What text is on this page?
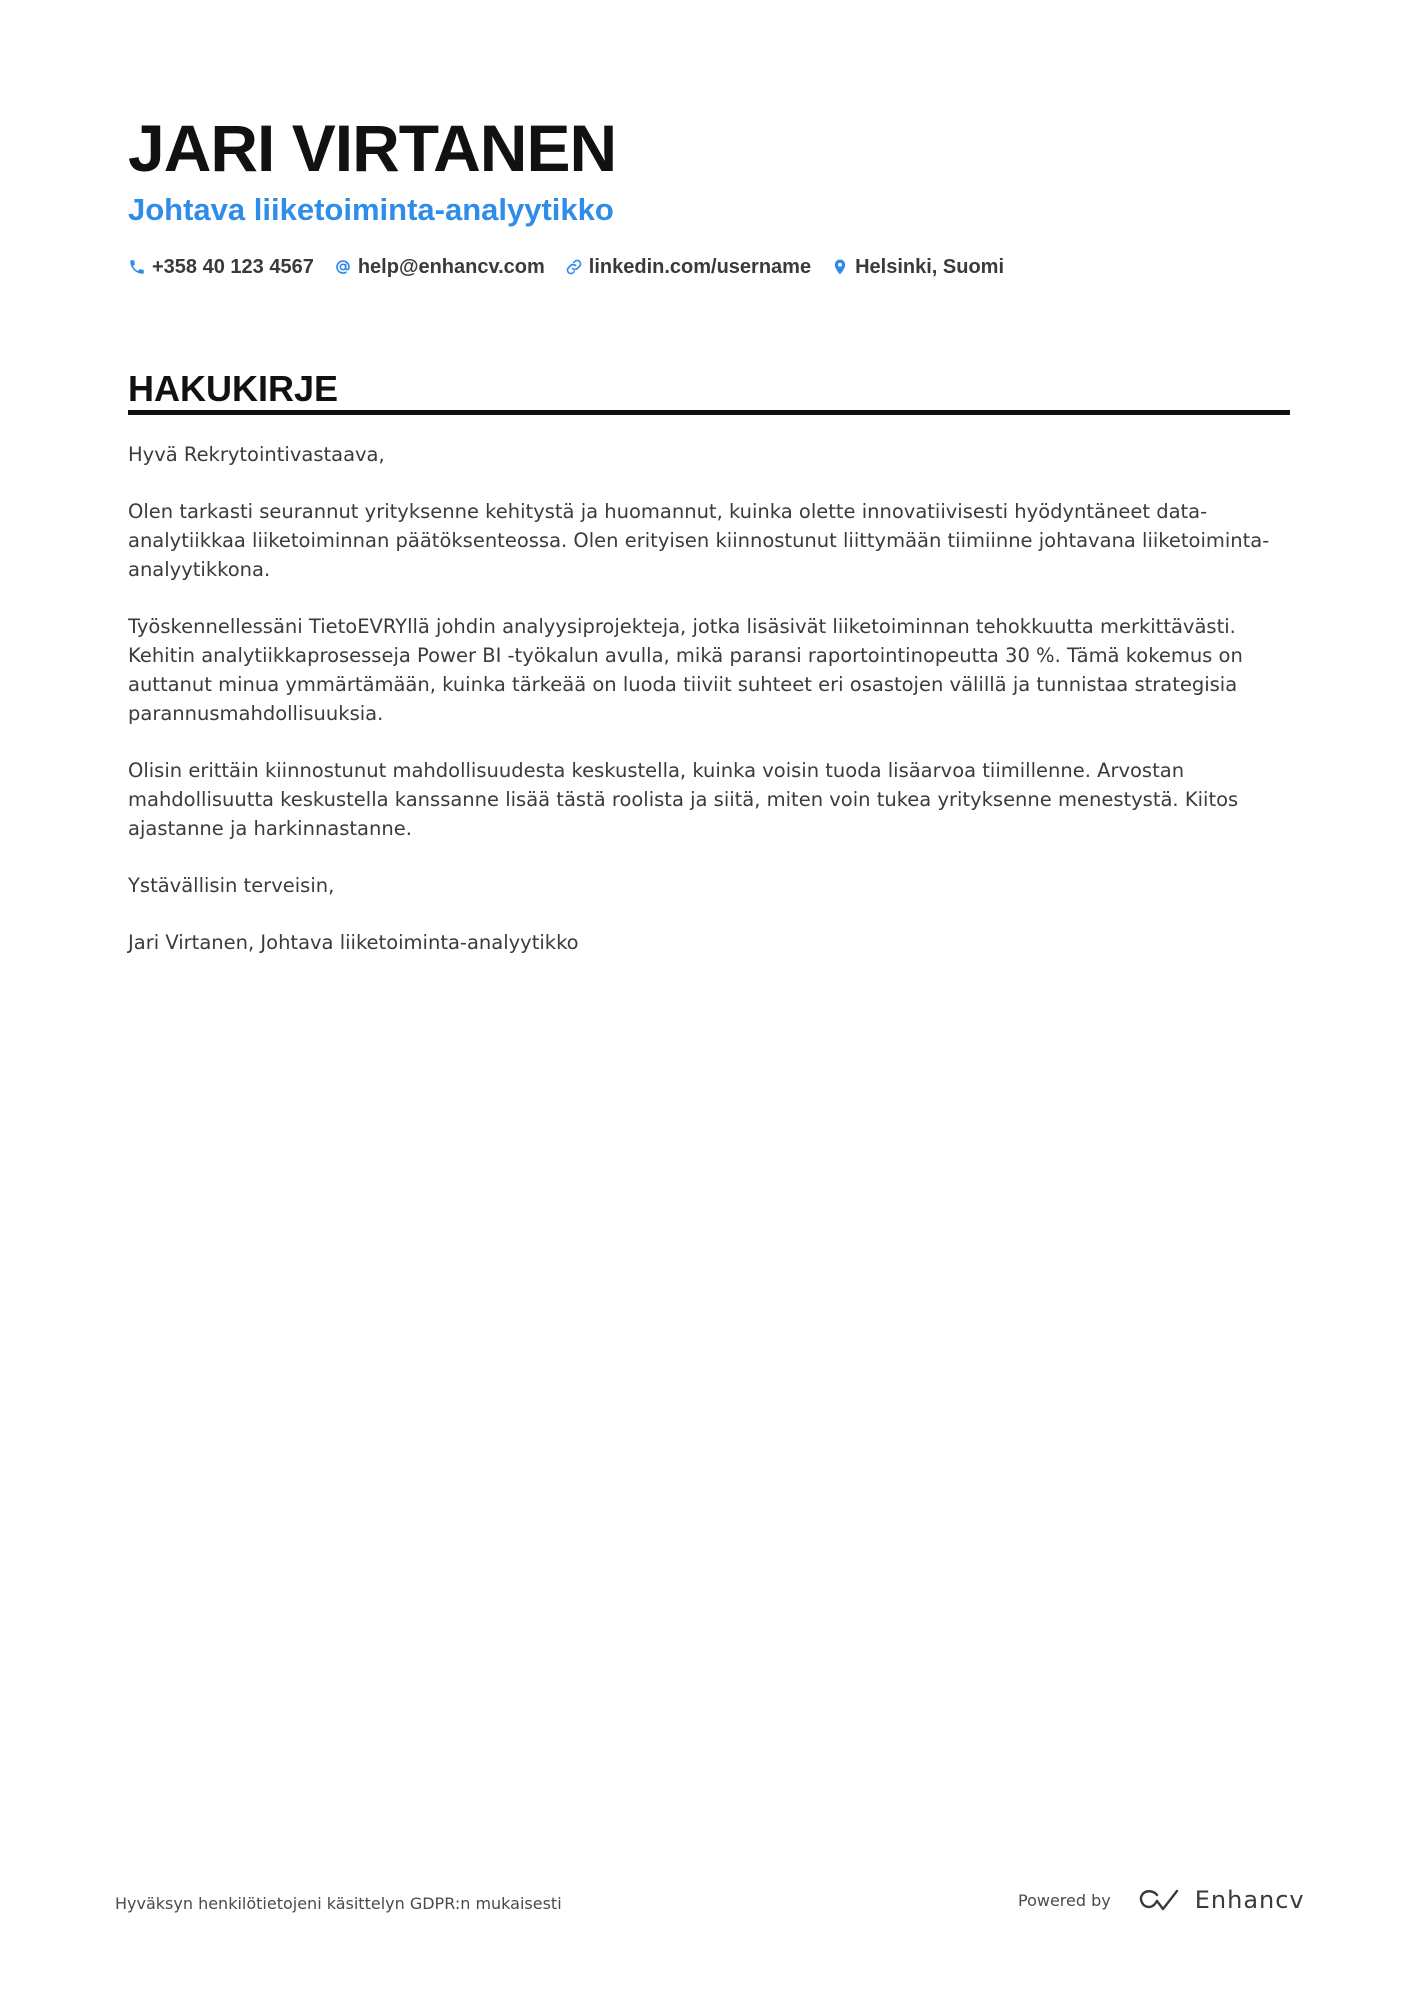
JARI VIRTANEN
Johtava liiketoiminta-analyytikko
+358 40 123 4567 help@enhancv.com linkedin.com/username Helsinki, Suomi
HAKUKIRJE

Hyvä Rekrytointivastaava,

Olen tarkasti seurannut yrityksenne kehitystä ja huomannut, kuinka olette innovatiivisesti hyödyntäneet data-analytiikkaa liiketoiminnan päätöksenteossa. Olen erityisen kiinnostunut liittymään tiimiinne johtavana liiketoiminta-analyytikkona.

Työskennellessäni TietoEVRYllä johdin analyysiprojekteja, jotka lisäsivät liiketoiminnan tehokkuutta merkittävästi. Kehitin analytiikkaprosesseja Power BI -työkalun avulla, mikä paransi raportointinopeutta 30 %. Tämä kokemus on auttanut minua ymmärtämään, kuinka tärkeää on luoda tiiviit suhteet eri osastojen välillä ja tunnistaa strategisia parannusmahdollisuuksia.

Olisin erittäin kiinnostunut mahdollisuudesta keskustella, kuinka voisin tuoda lisäarvoa tiimillenne. Arvostan mahdollisuutta keskustella kanssanne lisää tästä roolista ja siitä, miten voin tukea yrityksenne menestystä. Kiitos ajastanne ja harkinnastanne.

Ystävällisin terveisin,

Jari Virtanen, Johtava liiketoiminta-analyytikko

Hyväksyn henkilötietojeni käsittelyn GDPR:n mukaisesti	Powered by	Enhancv
